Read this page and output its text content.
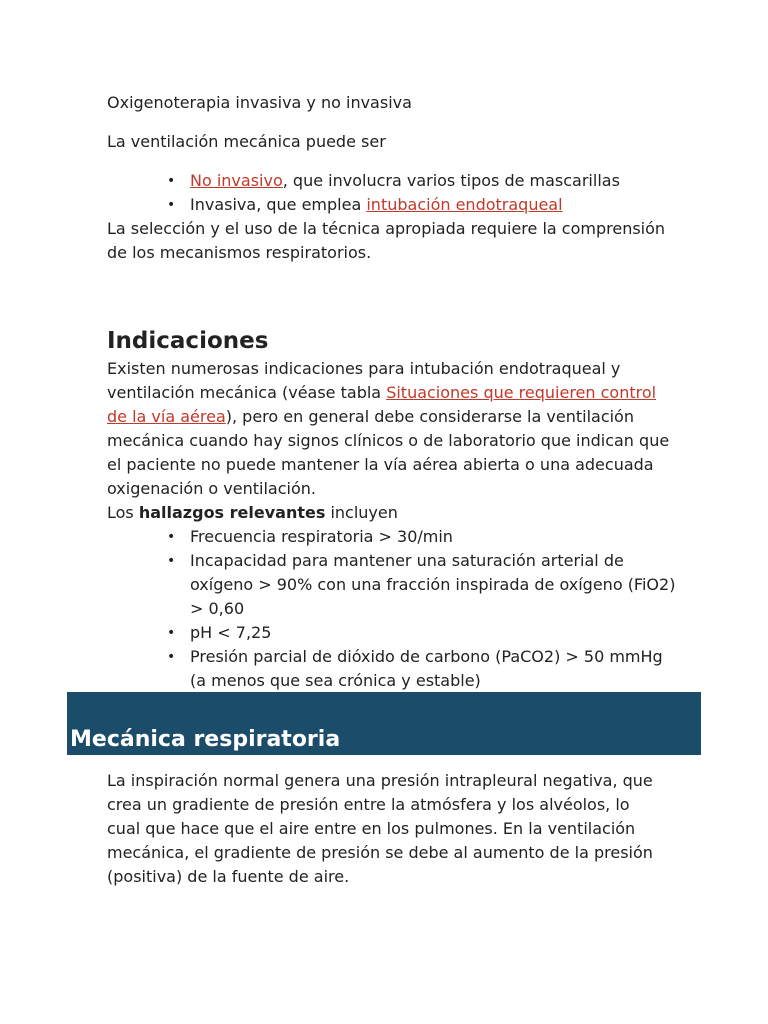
Oxigenoterapia invasiva y no invasiva

La ventilación mecánica puede ser

• No invasivo, que involucra varios tipos de mascarillas
• Invasiva, que emplea intubación endotraqueal

La selección y el uso de la técnica apropiada requiere la comprensión de los mecanismos respiratorios.

Indicaciones

Existen numerosas indicaciones para intubación endotraqueal y ventilación mecánica (véase tabla Situaciones que requieren control de la vía aérea), pero en general debe considerarse la ventilación mecánica cuando hay signos clínicos o de laboratorio que indican que el paciente no puede mantener la vía aérea abierta o una adecuada oxigenación o ventilación.

Los hallazgos relevantes incluyen

• Frecuencia respiratoria > 30/min
• Incapacidad para mantener una saturación arterial de oxígeno > 90% con una fracción inspirada de oxígeno (FiO2) > 0,60
• pH < 7,25
• Presión parcial de dióxido de carbono (PaCO2) > 50 mmHg (a menos que sea crónica y estable)
Mecánica respiratoria

La inspiración normal genera una presión intrapleural negativa, que crea un gradiente de presión entre la atmósfera y los alvéolos, lo cual que hace que el aire entre en los pulmones. En la ventilación mecánica, el gradiente de presión se debe al aumento de la presión (positiva) de la fuente de aire.
